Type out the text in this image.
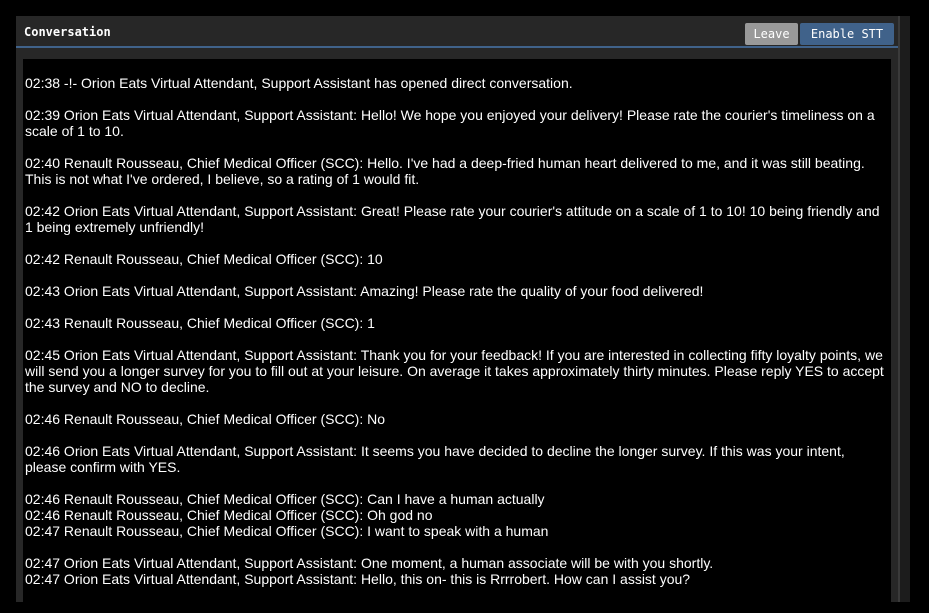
Conversation	Leave	Enable STT

02:38 -!- Orion Eats Virtual Attendant, Support Assistant has opened direct conversation.

02:39 Orion Eats Virtual Attendant, Support Assistant: Hello! We hope you enjoyed your delivery! Please rate the courier's timeliness on a scale of 1 to 10.

02:40 Renault Rousseau, Chief Medical Officer (SCC): Hello. I've had a deep-fried human heart delivered to me, and it was still beating. This is not what I've ordered, I believe, so a rating of 1 would fit.

02:42 Orion Eats Virtual Attendant, Support Assistant: Great! Please rate your courier's attitude on a scale of 1 to 10! 10 being friendly and 1 being extremely unfriendly!

02:42 Renault Rousseau, Chief Medical Officer (SCC): 10

02:43 Orion Eats Virtual Attendant, Support Assistant: Amazing! Please rate the quality of your food delivered!

02:43 Renault Rousseau, Chief Medical Officer (SCC): 1

02:45 Orion Eats Virtual Attendant, Support Assistant: Thank you for your feedback! If you are interested in collecting fifty loyalty points, we will send you a longer survey for you to fill out at your leisure. On average it takes approximately thirty minutes. Please reply YES to accept the survey and NO to decline.

02:46 Renault Rousseau, Chief Medical Officer (SCC): No

02:46 Orion Eats Virtual Attendant, Support Assistant: It seems you have decided to decline the longer survey. If this was your intent, please confirm with YES.

02:46 Renault Rousseau, Chief Medical Officer (SCC): Can I have a human actually

02:46 Renault Rousseau, Chief Medical Officer (SCC): Oh god no

02:47 Renault Rousseau, Chief Medical Officer (SCC): I want to speak with a human

02:47 Orion Eats Virtual Attendant, Support Assistant: One moment, a human associate will be with you shortly.

02:47 Orion Eats Virtual Attendant, Support Assistant: Hello, this on- this is Rrrrobert. How can I assist you?
